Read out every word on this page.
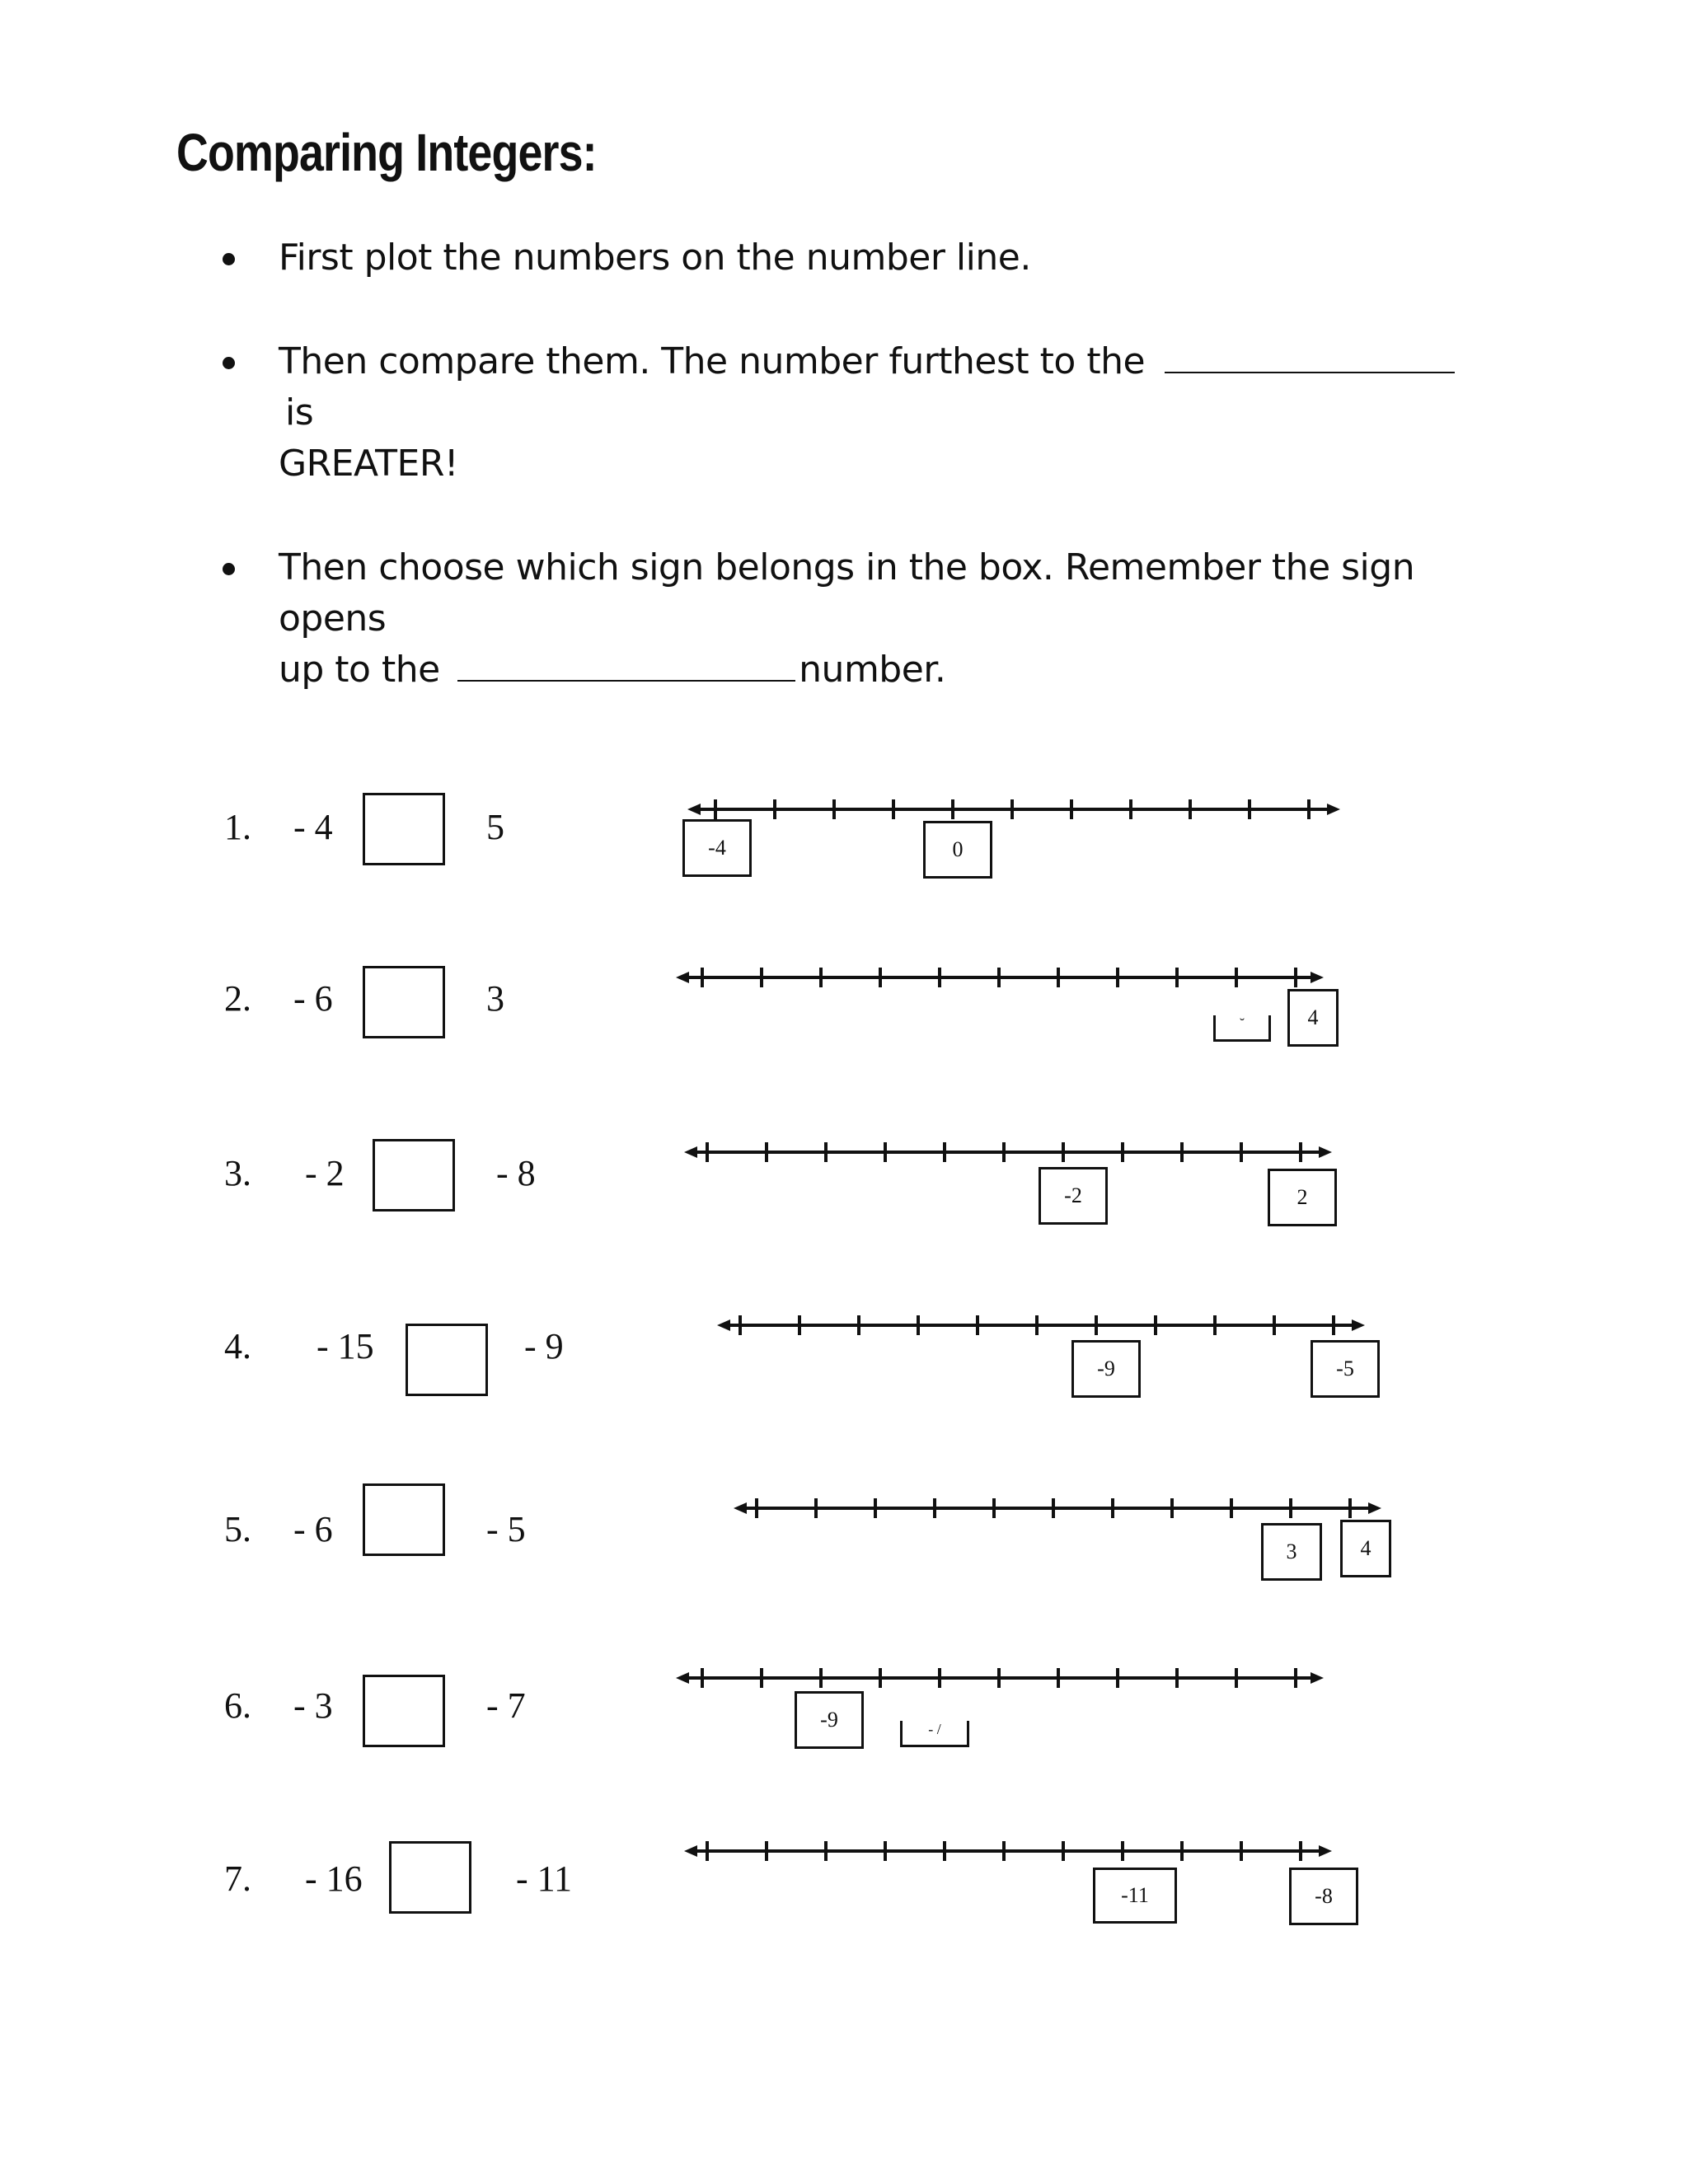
Comparing Integers:
First plot the numbers on the number line.
Then compare them. The number furthest to the  is
GREATER!
Then choose which sign belongs in the box. Remember the sign opens
up to the	number.
1. - 4	5
-4	0
2. - 6	3
˘	4
3. - 2	- 8
-2	2
4. - 15	- 9
-9	-5
5. - 6	- 5
3	4
6. - 3	- 7	-9	- /
7. - 16	- 11	-11	-8
